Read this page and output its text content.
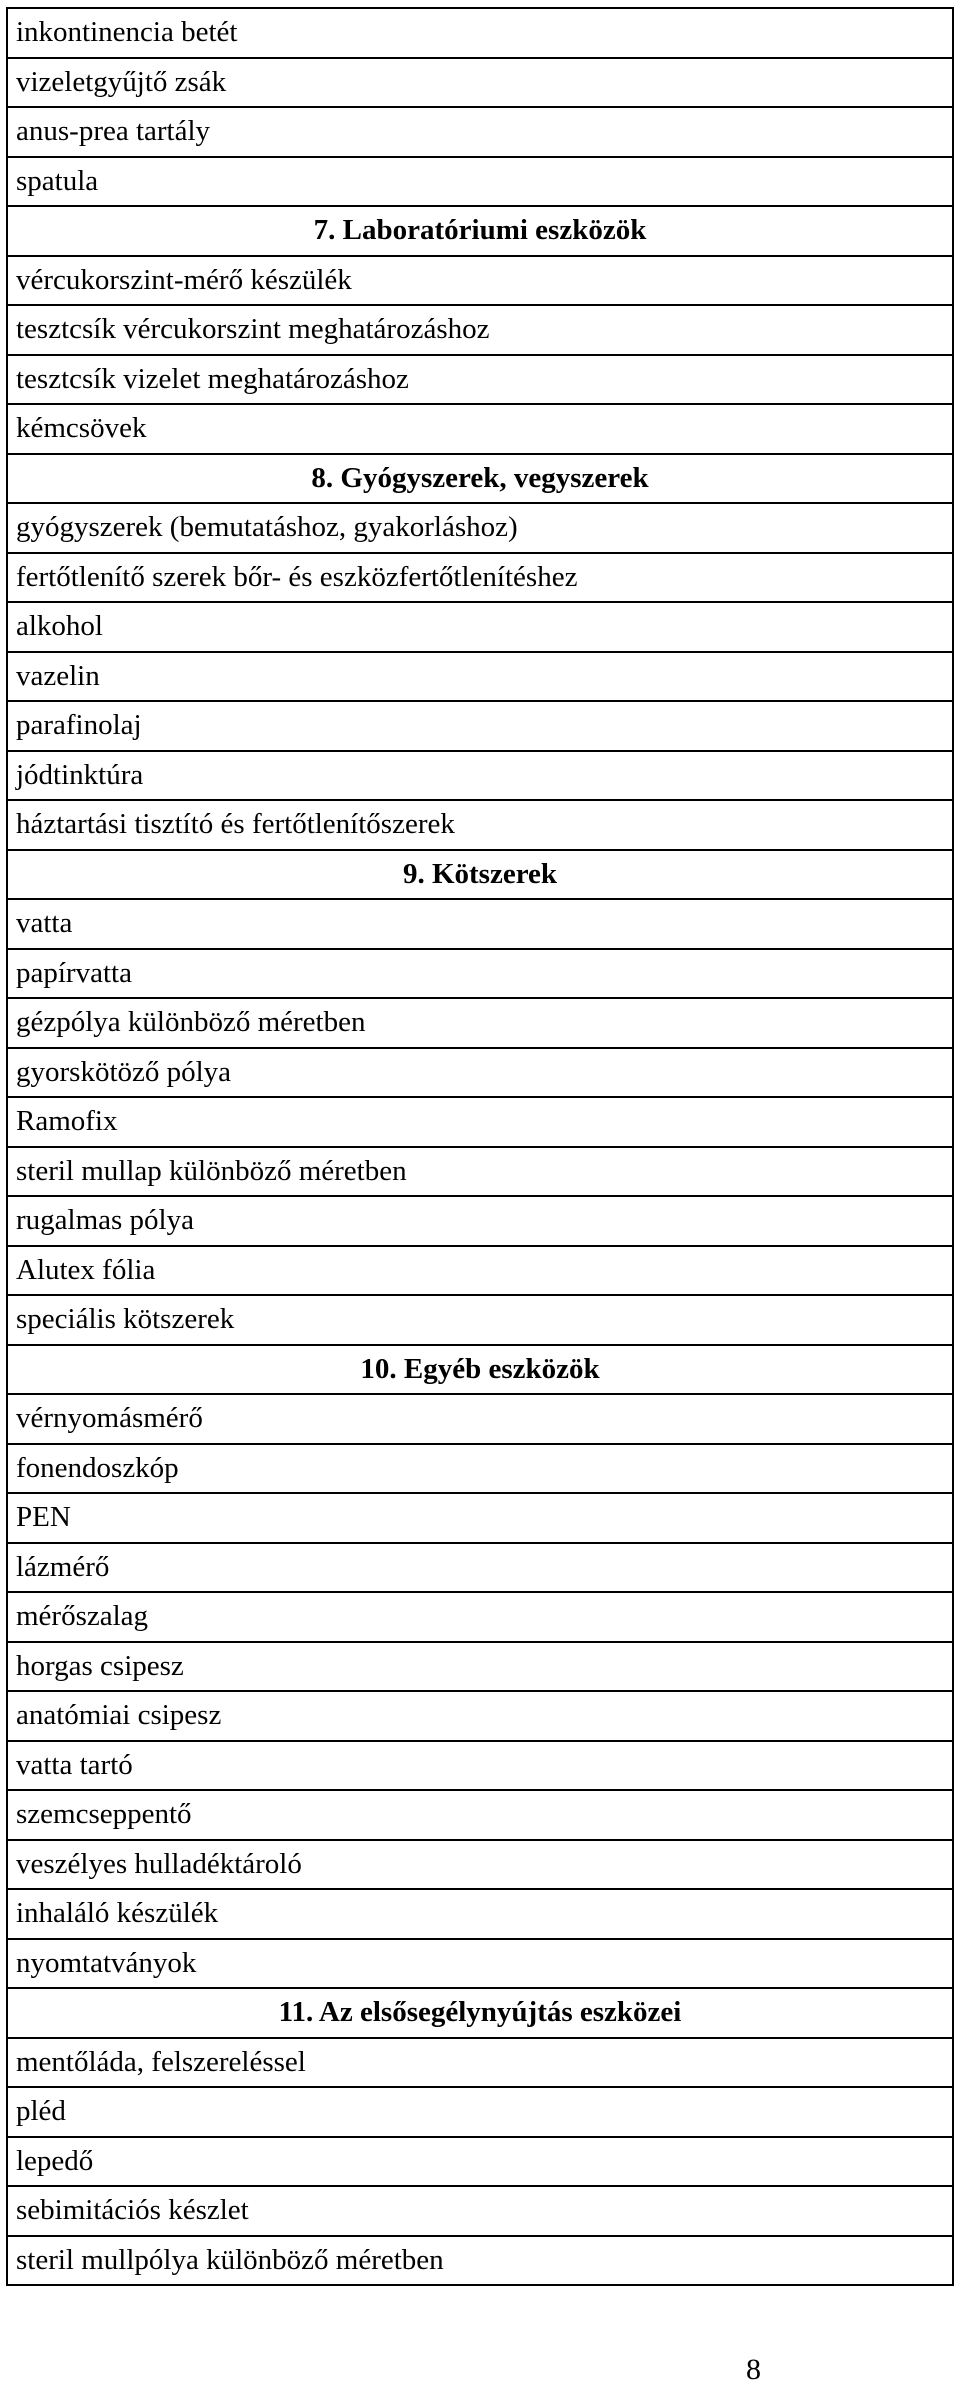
inkontinencia betét
vizeletgyűjtő zsák
anus-prea tartály
spatula
7. Laboratóriumi eszközök
vércukorszint-mérő készülék
tesztcsík vércukorszint meghatározáshoz
tesztcsík vizelet meghatározáshoz
kémcsövek
8. Gyógyszerek, vegyszerek
gyógyszerek (bemutatáshoz, gyakorláshoz)
fertőtlenítő szerek bőr- és eszközfertőtlenítéshez
alkohol
vazelin
parafinolaj
jódtinktúra
háztartási tisztító és fertőtlenítőszerek
9. Kötszerek
vatta
papírvatta
gézpólya különböző méretben
gyorskötöző pólya
Ramofix
steril mullap különböző méretben
rugalmas pólya
Alutex fólia
speciális kötszerek
10. Egyéb eszközök
vérnyomásmérő
fonendoszkóp
PEN
lázmérő
mérőszalag
horgas csipesz
anatómiai csipesz
vatta tartó
szemcseppentő
veszélyes hulladéktároló
inhaláló készülék
nyomtatványok
11. Az elsősegélynyújtás eszközei
mentőláda, felszereléssel
pléd
lepedő
sebimitációs készlet
steril mullpólya különböző méretben
8
